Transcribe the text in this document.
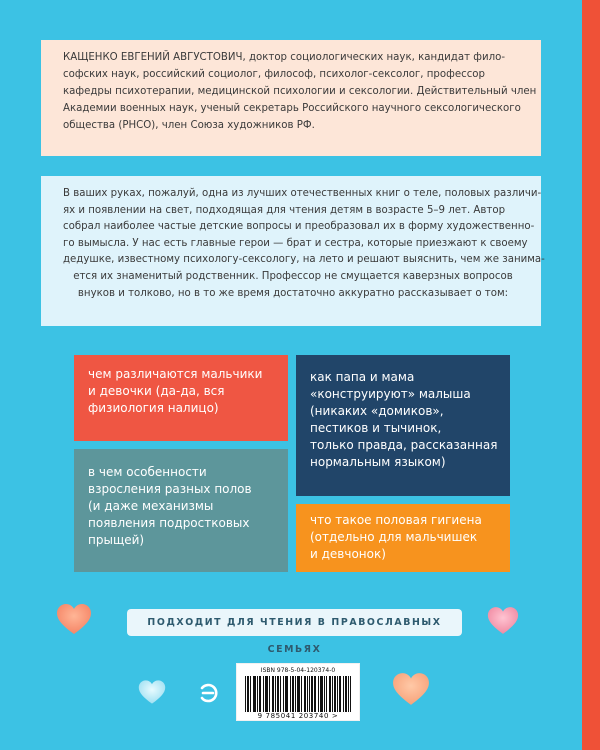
КАЩЕНКО ЕВГЕНИЙ АВГУСТОВИЧ, доктор социологических наук, кандидат фило-
софских наук, российский социолог, философ, психолог-сексолог, профессор
кафедры психотерапии, медицинской психологии и сексологии. Действительный член
Академии военных наук, ученый секретарь Российского научного сексологического
общества (РНСО), член Союза художников РФ.
В ваших руках, пожалуй, одна из лучших отечественных книг о теле, половых различи-
ях и появлении на свет, подходящая для чтения детям в возрасте 5–9 лет. Автор
собрал наиболее частые детские вопросы и преобразовал их в форму художественно-
го вымысла. У нас есть главные герои — брат и сестра, которые приезжают к своему
дедушке, известному психологу-сексологу, на лето и решают выяснить, чем же занима-
ется их знаменитый родственник. Профессор не смущается каверзных вопросов
внуков и толково, но в то же время достаточно аккуратно рассказывает о том:
чем различаются мальчики
и девочки (да-да, вся
физиология налицо)
как папа и мама
«конструируют» малыша
(никаких «домиков»,
пестиков и тычинок,
только правда, рассказанная
нормальным языком)
в чем особенности
взросления разных полов
(и даже механизмы
появления подростковых
прыщей)
что такое половая гигиена
(отдельно для мальчишек
и девчонок)
ПОДХОДИТ ДЛЯ ЧТЕНИЯ В ПРАВОСЛАВНЫХ СЕМЬЯХ
ISBN 978-5-04-120374-0
9 785041 203740 >
